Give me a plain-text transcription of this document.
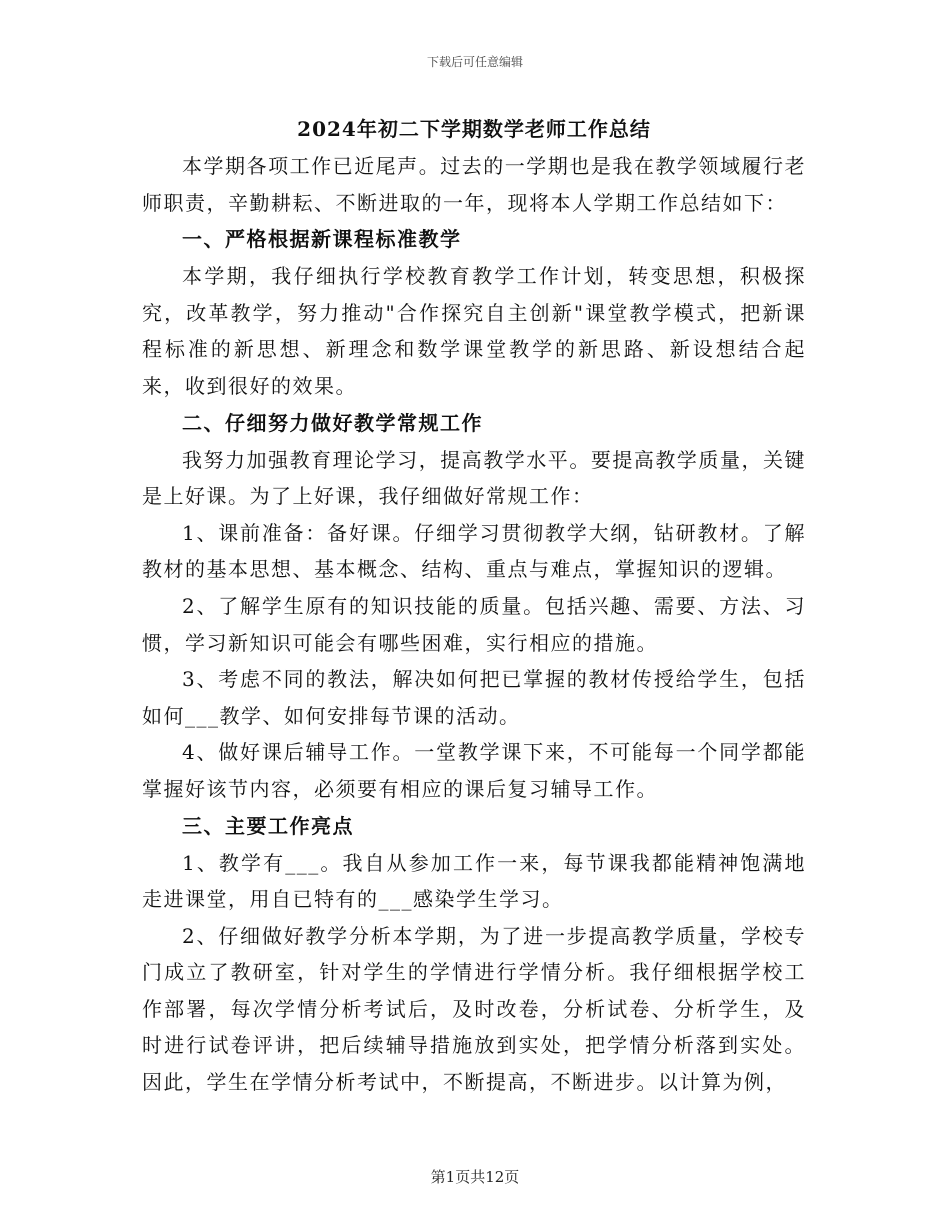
下载后可任意编辑

2024年初二下学期数学老师工作总结

本学期各项工作已近尾声。过去的一学期也是我在教学领域履行老师职责，辛勤耕耘、不断进取的一年，现将本人学期工作总结如下：

一、严格根据新课程标准教学

本学期，我仔细执行学校教育教学工作计划，转变思想，积极探究，改革教学，努力推动"合作探究自主创新"课堂教学模式，把新课程标准的新思想、新理念和数学课堂教学的新思路、新设想结合起来，收到很好的效果。

二、仔细努力做好教学常规工作

我努力加强教育理论学习，提高教学水平。要提高教学质量，关键是上好课。为了上好课，我仔细做好常规工作：

1、课前准备：备好课。仔细学习贯彻教学大纲，钻研教材。了解教材的基本思想、基本概念、结构、重点与难点，掌握知识的逻辑。

2、了解学生原有的知识技能的质量。包括兴趣、需要、方法、习惯，学习新知识可能会有哪些困难，实行相应的措施。

3、考虑不同的教法，解决如何把已掌握的教材传授给学生，包括如何___教学、如何安排每节课的活动。

4、做好课后辅导工作。一堂教学课下来，不可能每一个同学都能掌握好该节内容，必须要有相应的课后复习辅导工作。

三、主要工作亮点

1、教学有___。我自从参加工作一来，每节课我都能精神饱满地走进课堂，用自已特有的___感染学生学习。

2、仔细做好教学分析本学期，为了进一步提高教学质量，学校专门成立了教研室，针对学生的学情进行学情分析。我仔细根据学校工作部署，每次学情分析考试后，及时改卷，分析试卷、分析学生，及时进行试卷评讲，把后续辅导措施放到实处，把学情分析落到实处。因此，学生在学情分析考试中，不断提高，不断进步。以计算为例，

第1页共12页
